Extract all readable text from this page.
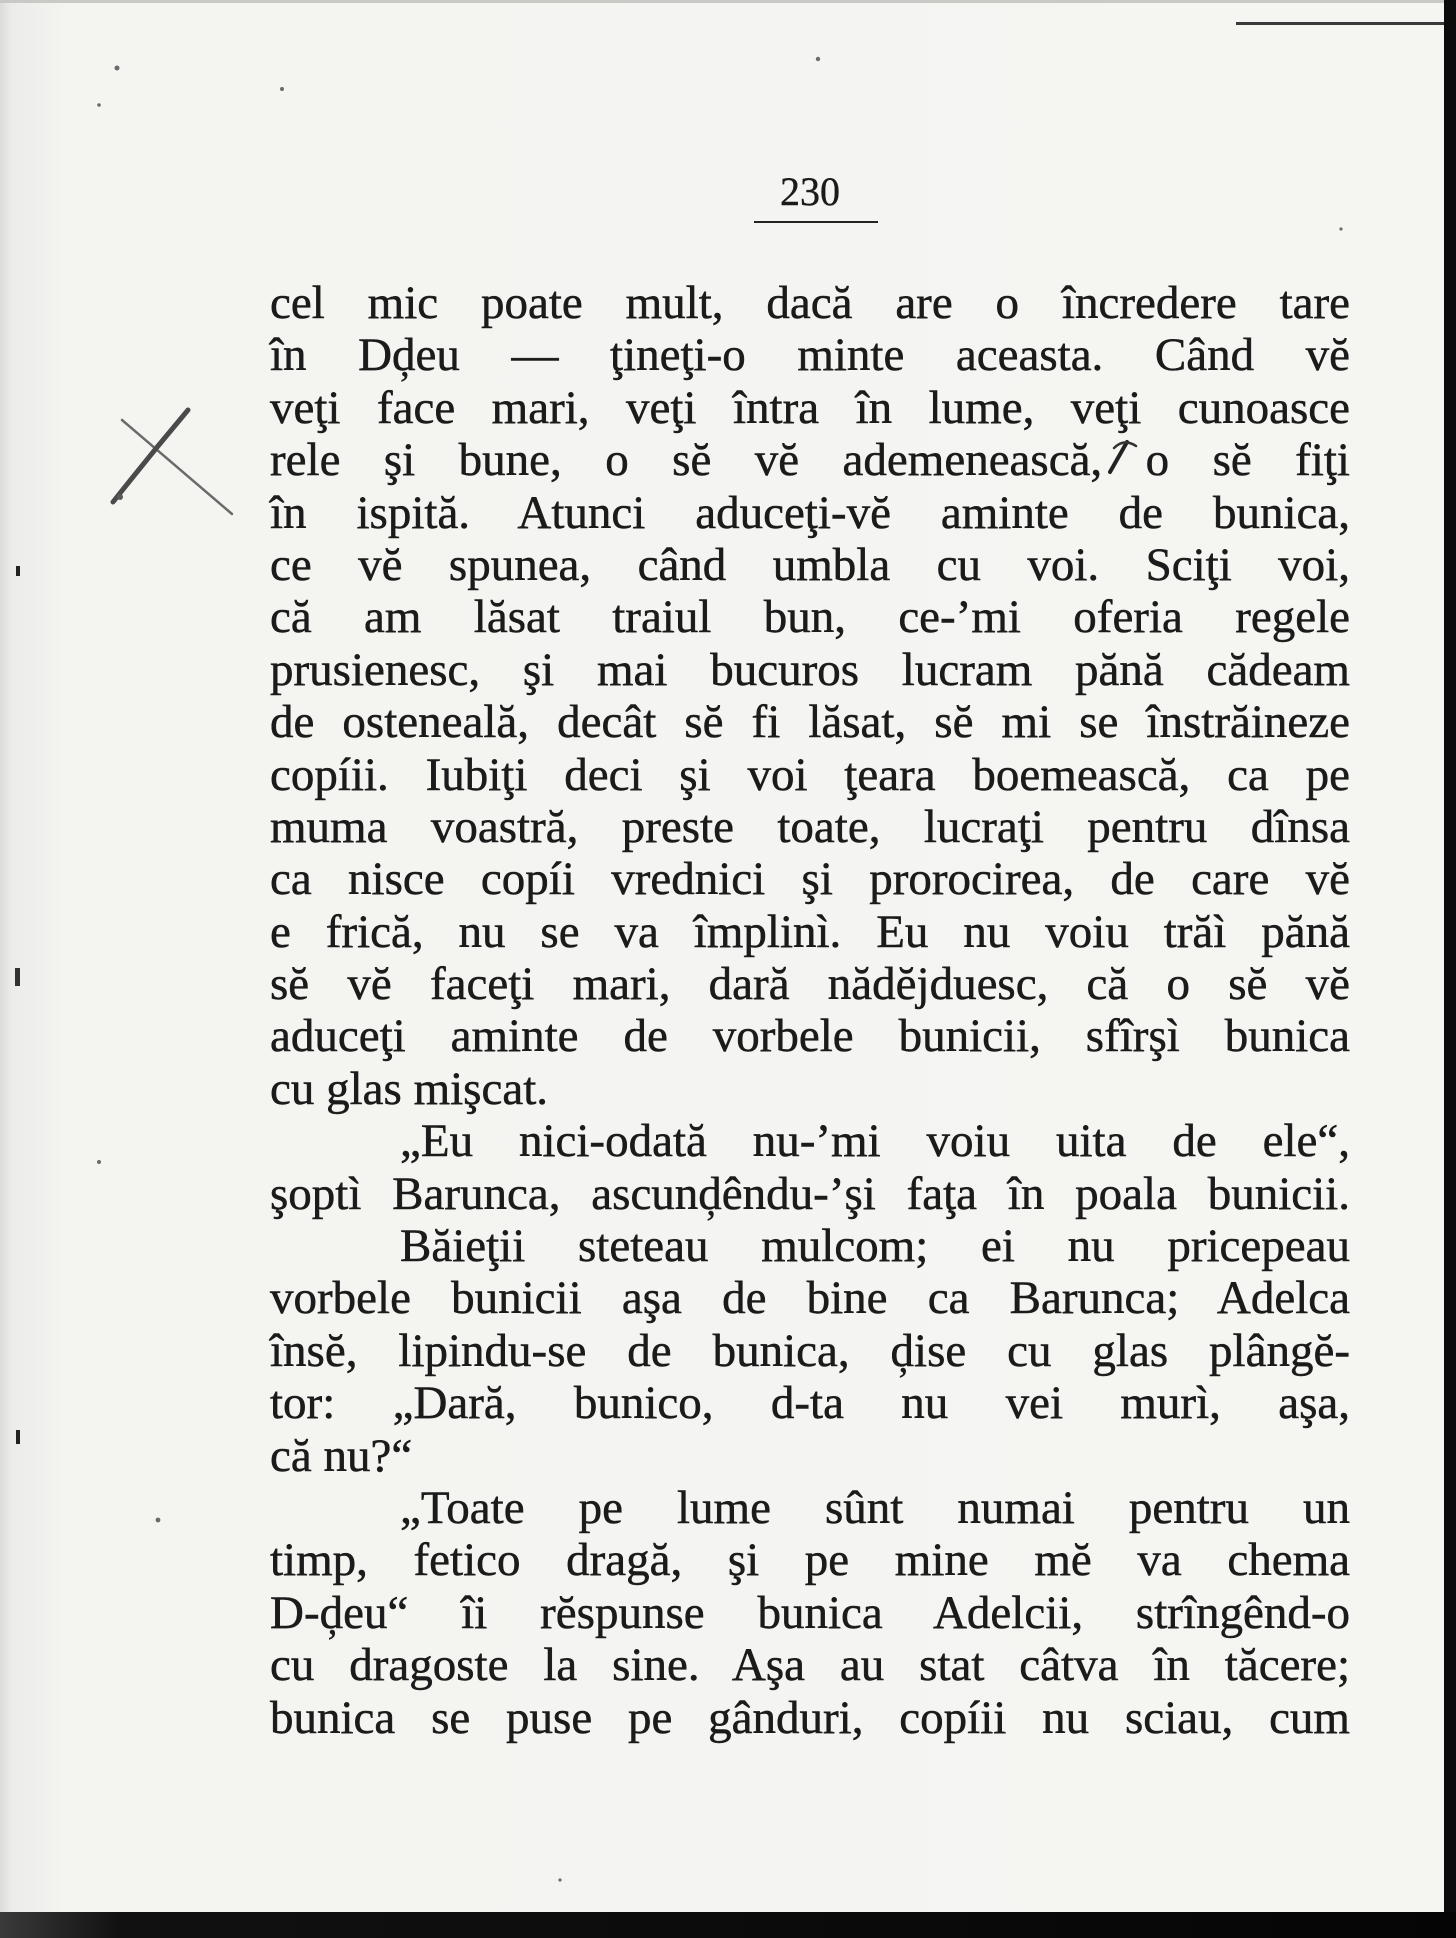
230
cel mic poate mult, dacă are o încredere tare
în Dḑeu — ţineţi-o minte aceasta. Când vĕ
veţi face mari, veţi întra în lume, veţi cunoasce
rele şi bune, o sĕ vĕ ademenească, o sĕ fiţi
în ispită. Atunci aduceţi-vĕ aminte de bunica,
ce vĕ spunea, când umbla cu voi. Sciţi voi,
că am lăsat traiul bun, ce-’mi oferia regele
prusienesc, şi mai bucuros lucram pănă cădeam
de osteneală, decât sĕ fi lăsat, sĕ mi se înstrăineze
copíii. Iubiţi deci şi voi ţeara boemească, ca pe
muma voastră, preste toate, lucraţi pentru dînsa
ca nisce copíi vrednici şi prorocirea, de care vĕ
e frică, nu se va împlinì. Eu nu voiu trăì pănă
sĕ vĕ faceţi mari, dară nădĕjduesc, că o sĕ vĕ
aduceţi aminte de vorbele bunicii, sfîrşì bunica
cu glas mişcat.
„Eu nici-odată nu-’mi voiu uita de ele“,
şoptì Barunca, ascunḑêndu-’şi faţa în poala bunicii.
Băieţii steteau mulcom; ei nu pricepeau
vorbele bunicii aşa de bine ca Barunca; Adelca
însĕ, lipindu-se de bunica, ḑise cu glas plângĕ-
tor: „Dară, bunico, d-ta nu vei murì, aşa,
că nu?“
„Toate pe lume sûnt numai pentru un
timp, fetico dragă, şi pe mine mĕ va chema
D-ḑeu“ îi rĕspunse bunica Adelcii, strîngênd-o
cu dragoste la sine. Aşa au stat câtva în tăcere;
bunica se puse pe gânduri, copíii nu sciau, cum
